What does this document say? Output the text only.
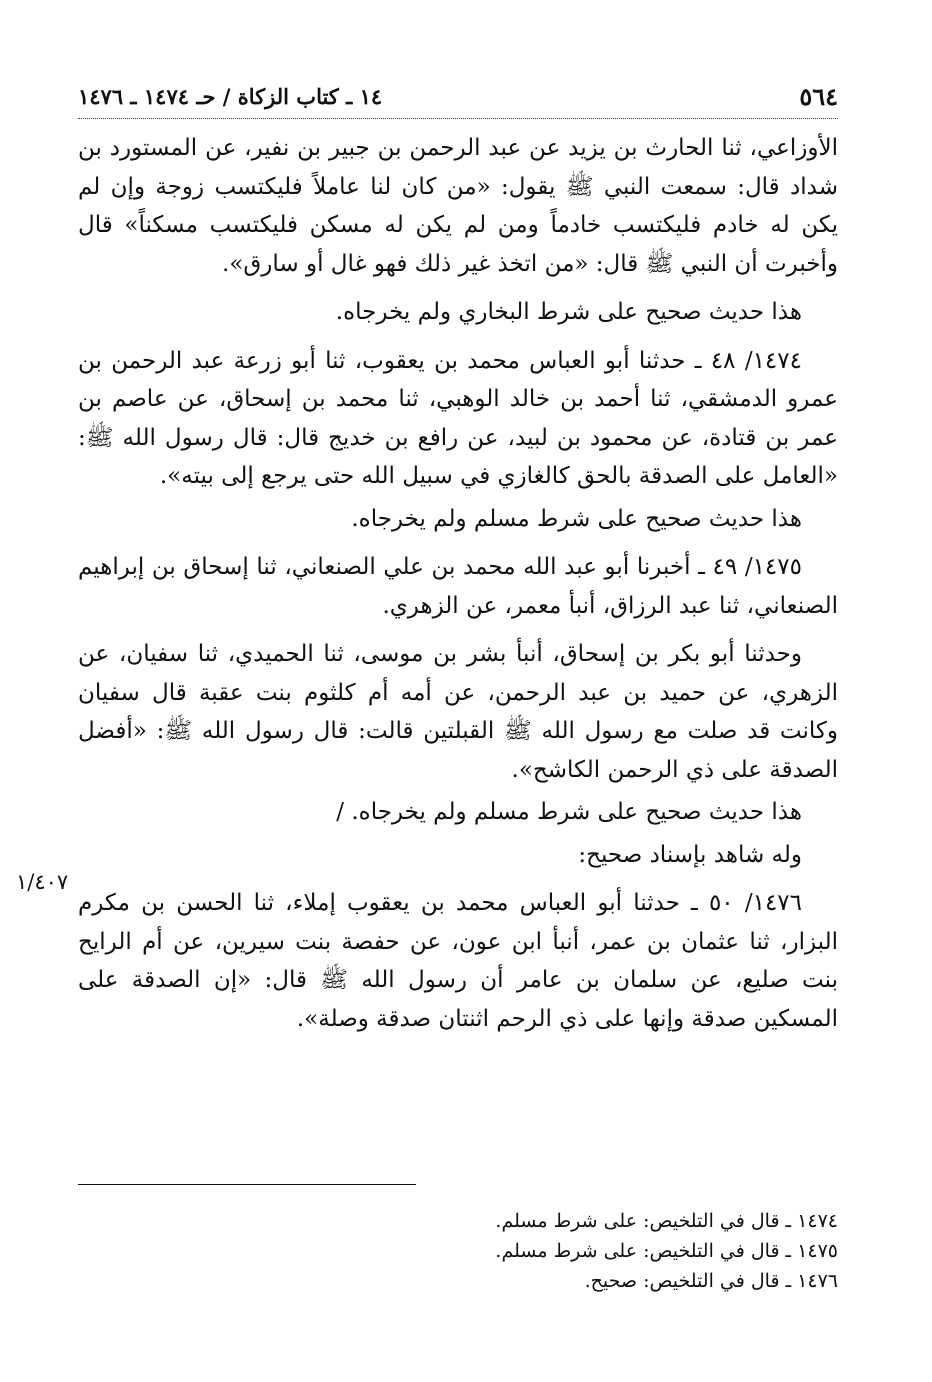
٥٦٤
١٤ ـ كتاب الزكاة / حـ ١٤٧٤ ـ ١٤٧٦

الأوزاعي، ثنا الحارث بن يزيد عن عبد الرحمن بن جبير بن نفير، عن المستورد بن شداد قال: سمعت النبي ﷺ يقول: «من كان لنا عاملاً فليكتسب زوجة وإن لم يكن له خادم فليكتسب خادماً ومن لم يكن له مسكن فليكتسب مسكناً» قال وأخبرت أن النبي ﷺ قال: «من اتخذ غير ذلك فهو غال أو سارق».

هذا حديث صحيح على شرط البخاري ولم يخرجاه.

١٤٧٤/ ٤٨ ـ حدثنا أبو العباس محمد بن يعقوب، ثنا أبو زرعة عبد الرحمن بن عمرو الدمشقي، ثنا أحمد بن خالد الوهبي، ثنا محمد بن إسحاق، عن عاصم بن عمر بن قتادة، عن محمود بن لبيد، عن رافع بن خديج قال: قال رسول الله ﷺ: «العامل على الصدقة بالحق كالغازي في سبيل الله حتى يرجع إلى بيته».

هذا حديث صحيح على شرط مسلم ولم يخرجاه.

١٤٧٥/ ٤٩ ـ أخبرنا أبو عبد الله محمد بن علي الصنعاني، ثنا إسحاق بن إبراهيم الصنعاني، ثنا عبد الرزاق، أنبأ معمر، عن الزهري.

وحدثنا أبو بكر بن إسحاق، أنبأ بشر بن موسى، ثنا الحميدي، ثنا سفيان، عن الزهري، عن حميد بن عبد الرحمن، عن أمه أم كلثوم بنت عقبة قال سفيان وكانت قد صلت مع رسول الله ﷺ القبلتين قالت: قال رسول الله ﷺ: «أفضل الصدقة على ذي الرحمن الكاشح».

هذا حديث صحيح على شرط مسلم ولم يخرجاه. /

وله شاهد بإسناد صحيح:

١٤٧٦/ ٥٠ ـ حدثنا أبو العباس محمد بن يعقوب إملاء، ثنا الحسن بن مكرم البزار، ثنا عثمان بن عمر، أنبأ ابن عون، عن حفصة بنت سيرين، عن أم الرايح بنت صليع، عن سلمان بن عامر أن رسول الله ﷺ قال: «إن الصدقة على المسكين صدقة وإنها على ذي الرحم اثنتان صدقة وصلة».

١/٤٠٧

١٤٧٤ ـ قال في التلخيص: على شرط مسلم.

١٤٧٥ ـ قال في التلخيص: على شرط مسلم.

١٤٧٦ ـ قال في التلخيص: صحيح.
